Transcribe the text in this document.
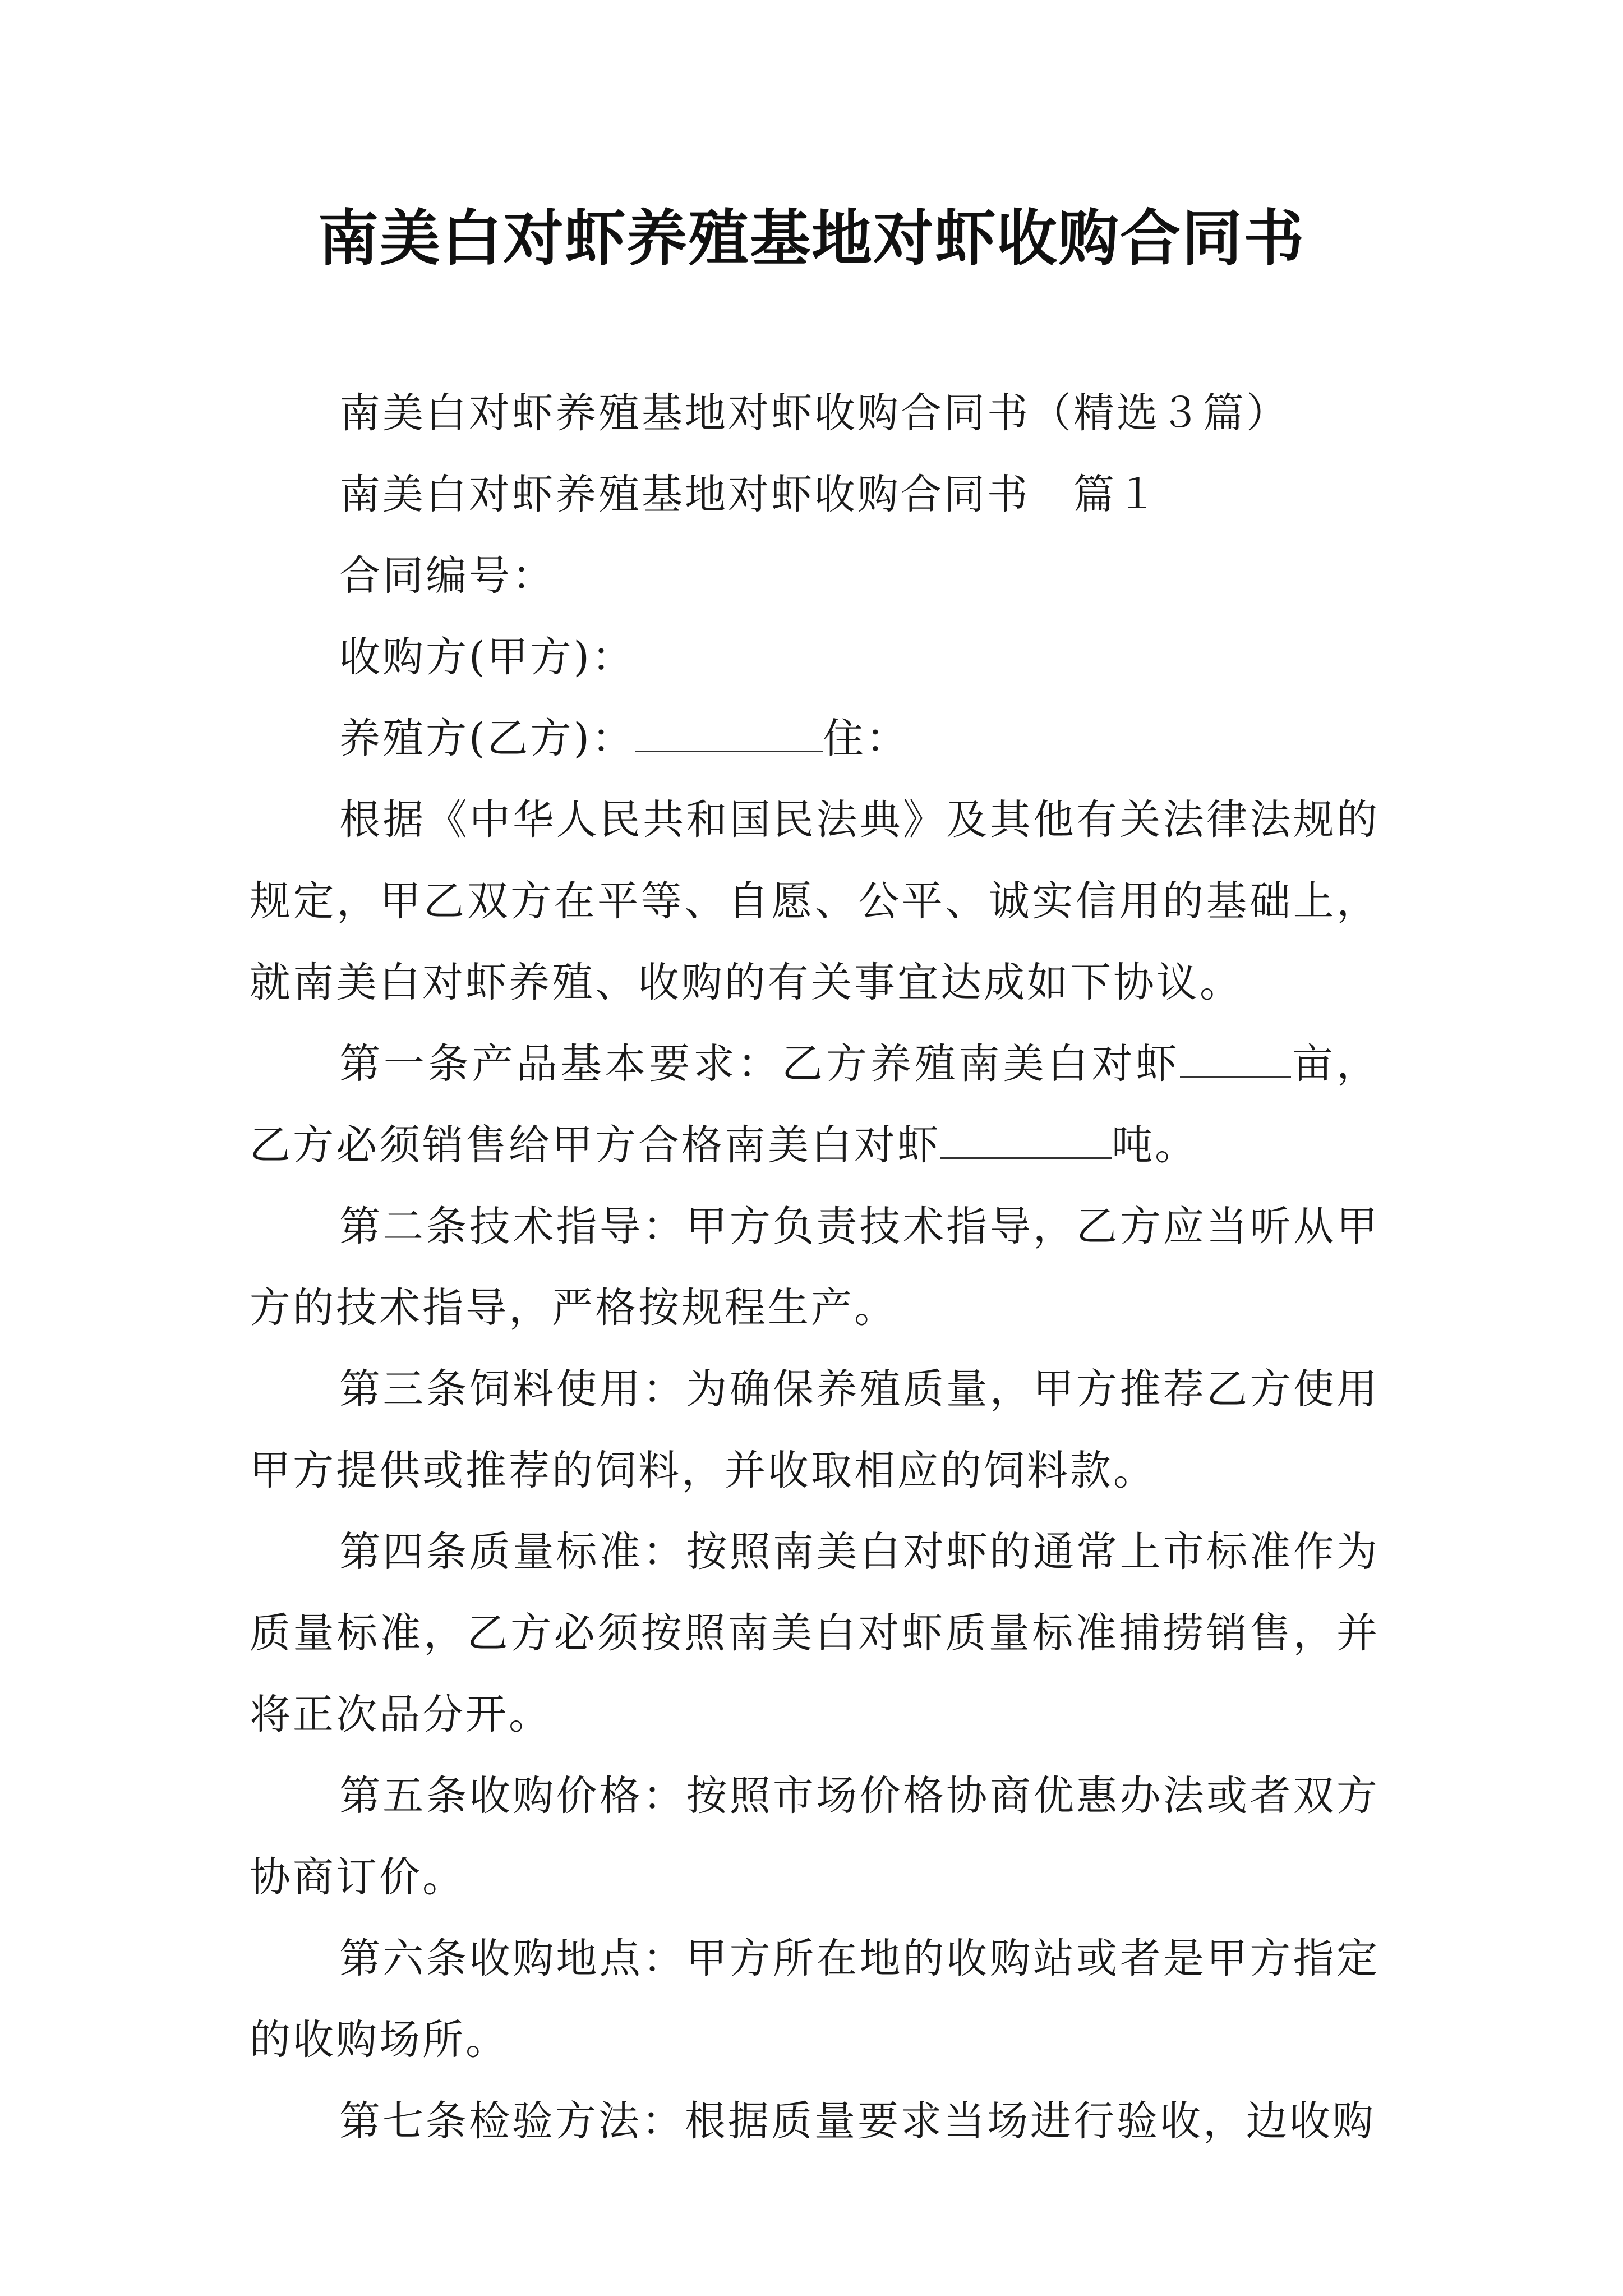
南美白对虾养殖基地对虾收购合同书

南美白对虾养殖基地对虾收购合同书（精选３篇）

南美白对虾养殖基地对虾收购合同书　篇１

合同编号：

收购方(甲方)：

养殖方(乙方)：	住：

根据《中华人民共和国民法典》及其他有关法律法规的规定，甲乙双方在平等、自愿、公平、诚实信用的基础上，就南美白对虾养殖、收购的有关事宜达成如下协议。

第一条产品基本要求：乙方养殖南美白对虾	亩，乙方必须销售给甲方合格南美白对虾	吨。

第二条技术指导：甲方负责技术指导，乙方应当听从甲方的技术指导，严格按规程生产。

第三条饲料使用：为确保养殖质量，甲方推荐乙方使用甲方提供或推荐的饲料，并收取相应的饲料款。

第四条质量标准：按照南美白对虾的通常上市标准作为质量标准，乙方必须按照南美白对虾质量标准捕捞销售，并将正次品分开。

第五条收购价格：按照市场价格协商优惠办法或者双方协商订价。

第六条收购地点：甲方所在地的收购站或者是甲方指定的收购场所。

第七条检验方法：根据质量要求当场进行验收，边收购
